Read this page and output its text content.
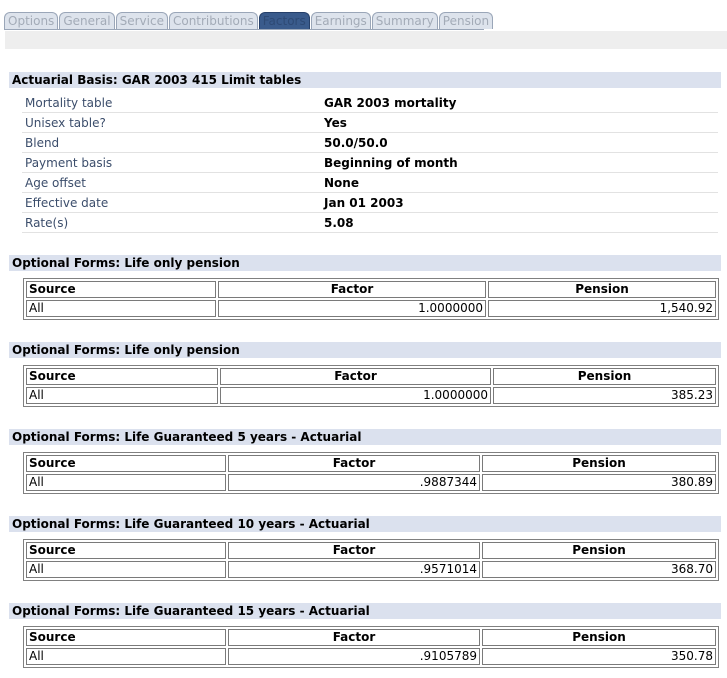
Options General Service Contributions Factors Earnings Summary Pension
Actuarial Basis: GAR 2003 415 Limit tables
Mortality table	GAR 2003 mortality
Unisex table?	Yes
Blend	50.0/50.0
Payment basis	Beginning of month
Age offset	None
Effective date	Jan 01 2003
Rate(s)	5.08
Optional Forms: Life only pension
Source	Factor	Pension
All	1.0000000	1,540.92
Optional Forms: Life only pension
Source	Factor	Pension
All	1.0000000	385.23
Optional Forms: Life Guaranteed 5 years - Actuarial
Source	Factor	Pension
All	.9887344	380.89
Optional Forms: Life Guaranteed 10 years - Actuarial
Source	Factor	Pension
All	.9571014	368.70
Optional Forms: Life Guaranteed 15 years - Actuarial
Source	Factor	Pension
All	.9105789	350.78
